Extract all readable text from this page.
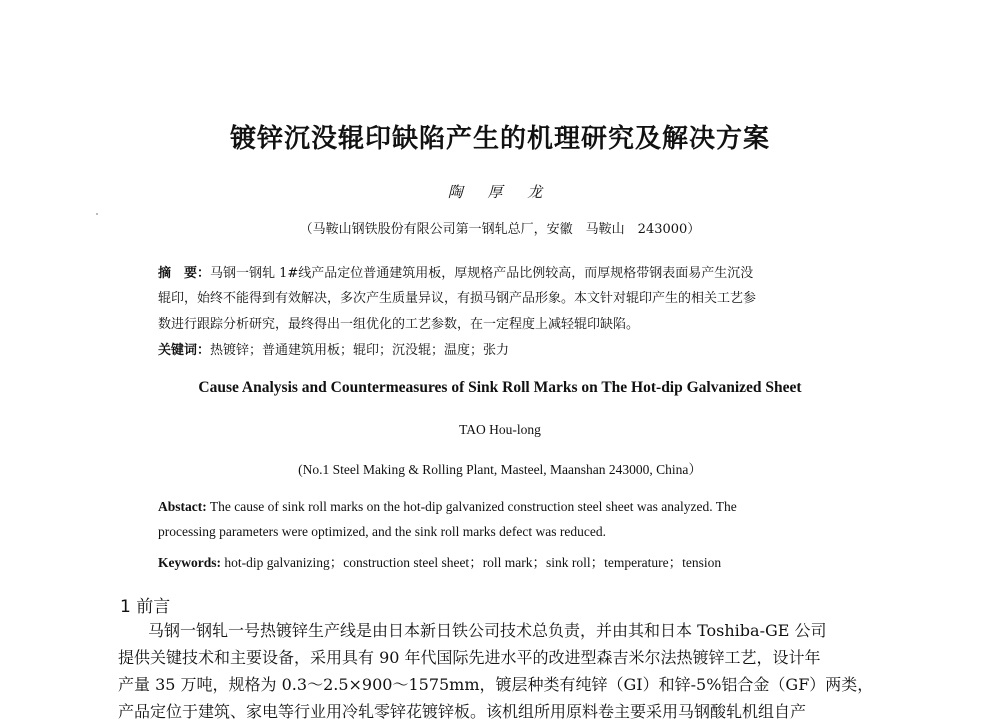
镀锌沉没辊印缺陷产生的机理研究及解决方案
陶 厚 龙
（马鞍山钢铁股份有限公司第一钢轧总厂，安徽　马鞍山　243000）
摘　要：马钢一钢轧 1#线产品定位普通建筑用板，厚规格产品比例较高，而厚规格带钢表面易产生沉没
辊印，始终不能得到有效解决，多次产生质量异议，有损马钢产品形象。本文针对辊印产生的相关工艺参
数进行跟踪分析研究，最终得出一组优化的工艺参数，在一定程度上减轻辊印缺陷。
关键词：热镀锌；普通建筑用板；辊印；沉没辊；温度；张力
Cause Analysis and Countermeasures of Sink Roll Marks on The Hot-dip Galvanized Sheet
TAO Hou-long
(No.1 Steel Making & Rolling Plant, Masteel, Maanshan 243000, China）
Abstact: The cause of sink roll marks on the hot-dip galvanized construction steel sheet was analyzed. The
processing parameters were optimized, and the sink roll marks defect was reduced.
Keywords: hot-dip galvanizing；construction steel sheet；roll mark；sink roll；temperature；tension
1 前言
马钢一钢轧一号热镀锌生产线是由日本新日铁公司技术总负责，并由其和日本 Toshiba-GE 公司
提供关键技术和主要设备，采用具有 90 年代国际先进水平的改进型森吉米尔法热镀锌工艺，设计年
产量 35 万吨，规格为 0.3～2.5×900～1575mm，镀层种类有纯锌（GI）和锌-5%铝合金（GF）两类，
产品定位于建筑、家电等行业用冷轧零锌花镀锌板。该机组所用原料卷主要采用马钢酸轧机组自产
